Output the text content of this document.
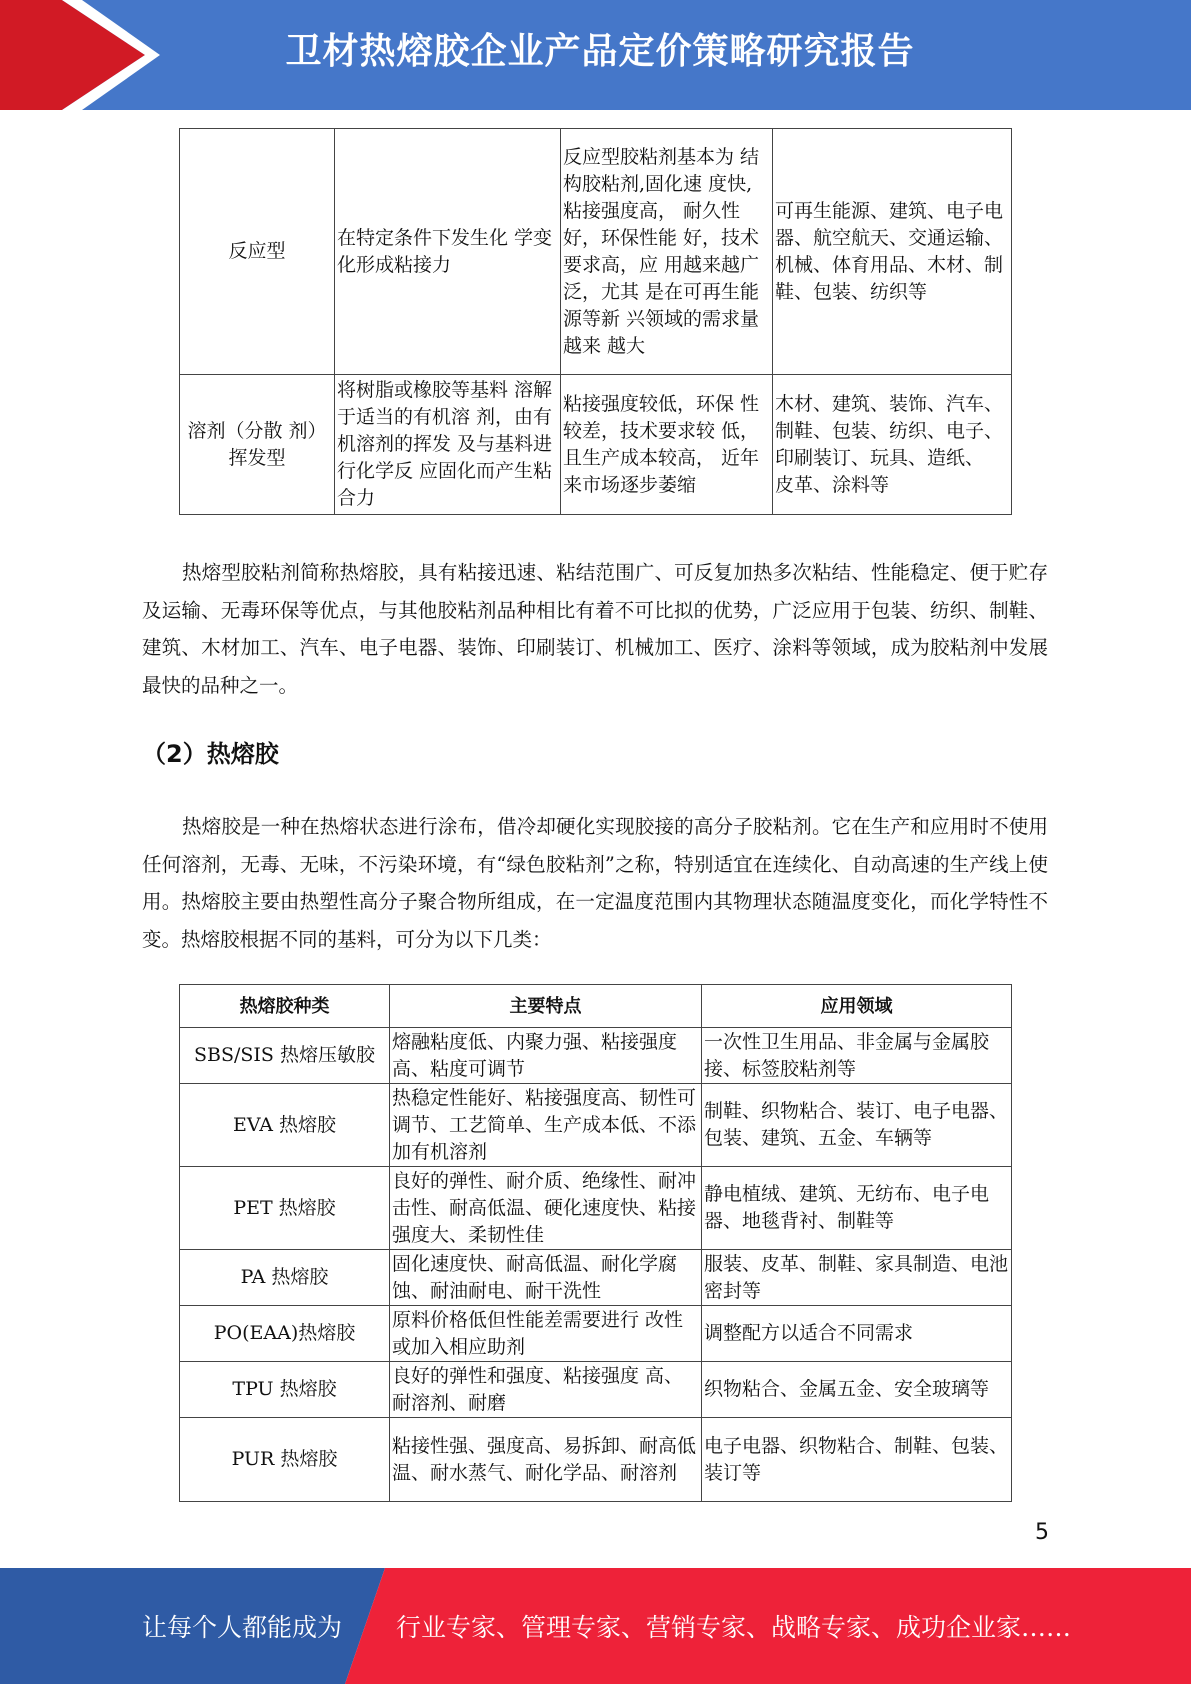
卫材热熔胶企业产品定价策略研究报告
反应型	在特定条件下发生化 学变化形成粘接力	反应型胶粘剂基本为 结构胶粘剂,固化速 度快,粘接强度高， 耐久性好，环保性能 好，技术要求高，应 用越来越广泛，尤其 是在可再生能源等新 兴领域的需求量越来 越大	可再生能源、建筑、电子电器、航空航天、交通运输、机械、体育用品、木材、制鞋、包装、纺织等
溶剂（分散 剂）挥发型	将树脂或橡胶等基料 溶解于适当的有机溶 剂，由有机溶剂的挥发 及与基料进行化学反 应固化而产生粘合力	粘接强度较低，环保 性较差，技术要求较 低，且生产成本较高， 近年来市场逐步萎缩	木材、建筑、装饰、汽车、 制鞋、包装、纺织、电子、 印刷装订、玩具、造纸、 皮革、涂料等

热熔型胶粘剂简称热熔胶，具有粘接迅速、粘结范围广、可反复加热多次粘结、性能稳定、便于贮存及运输、无毒环保等优点，与其他胶粘剂品种相比有着不可比拟的优势，广泛应用于包装、纺织、制鞋、建筑、木材加工、汽车、电子电器、装饰、印刷装订、机械加工、医疗、涂料等领域，成为胶粘剂中发展最快的品种之一。

（2）热熔胶

热熔胶是一种在热熔状态进行涂布，借冷却硬化实现胶接的高分子胶粘剂。它在生产和应用时不使用任何溶剂，无毒、无味，不污染环境，有“绿色胶粘剂”之称，特别适宜在连续化、自动高速的生产线上使用。热熔胶主要由热塑性高分子聚合物所组成，在一定温度范围内其物理状态随温度变化，而化学特性不变。热熔胶根据不同的基料，可分为以下几类：

热熔胶种类	主要特点	应用领域
SBS/SIS 热熔压敏胶	熔融粘度低、内聚力强、粘接强度高、粘度可调节	一次性卫生用品、非金属与金属胶接、标签胶粘剂等
EVA 热熔胶	热稳定性能好、粘接强度高、韧性可调节、工艺简单、生产成本低、不添加有机溶剂	制鞋、织物粘合、装订、电子电器、包装、建筑、五金、车辆等
PET 热熔胶	良好的弹性、耐介质、绝缘性、耐冲击性、耐高低温、硬化速度快、粘接强度大、柔韧性佳	静电植绒、建筑、无纺布、电子电器、地毯背衬、制鞋等
PA 热熔胶	固化速度快、耐高低温、耐化学腐蚀、耐油耐电、耐干洗性	服装、皮革、制鞋、家具制造、电池密封等
PO(EAA)热熔胶	原料价格低但性能差需要进行 改性或加入相应助剂	调整配方以适合不同需求
TPU 热熔胶	良好的弹性和强度、粘接强度 高、耐溶剂、耐磨	织物粘合、金属五金、安全玻璃等
PUR 热熔胶	粘接性强、强度高、易拆卸、耐高低温、耐水蒸气、耐化学品、耐溶剂	电子电器、织物粘合、制鞋、包装、装订等
5
让每个人都能成为 行业专家、管理专家、营销专家、战略专家、成功企业家……
